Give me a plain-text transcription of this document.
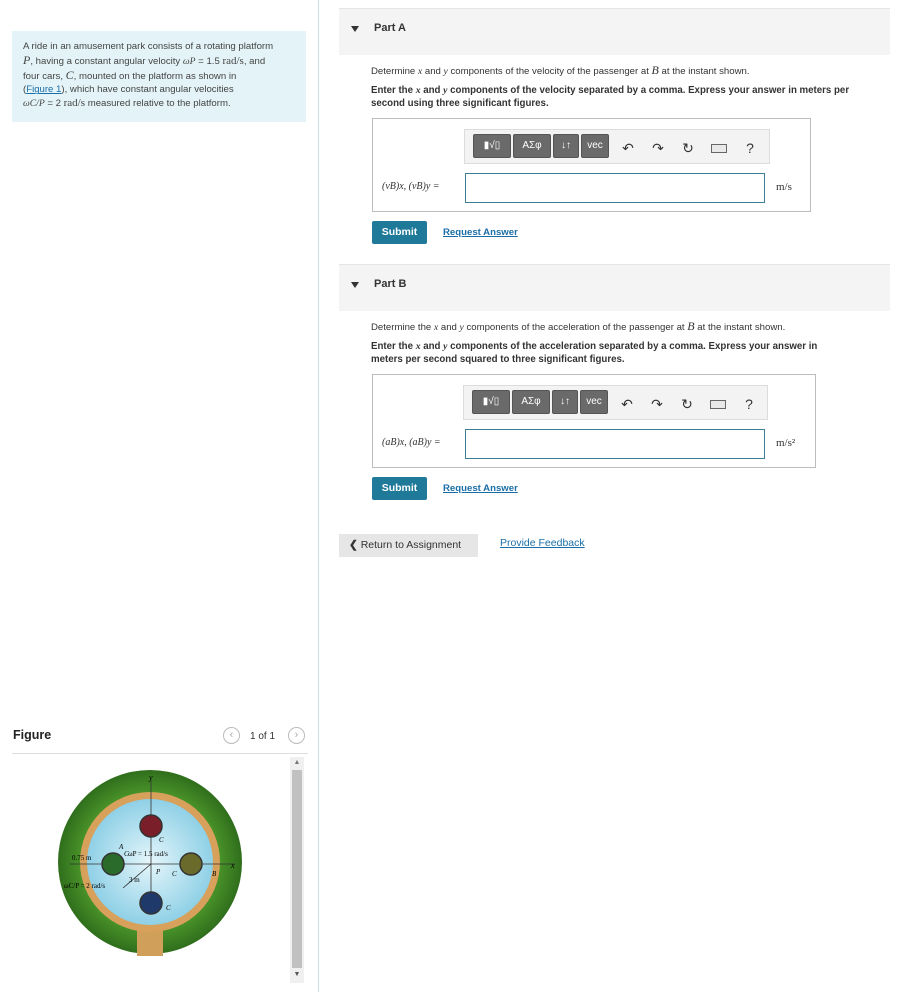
A ride in an amusement park consists of a rotating platform
P, having a constant angular velocity ωP = 1.5 rad/s, and
four cars, C, mounted on the platform as shown in
(Figure 1), which have constant angular velocities
ωC/P = 2 rad/s measured relative to the platform.
Figure	‹	1 of 1	›
y
x
A
B
C
C
C
C
P
0.75 m
3 m
ωP = 1.5 rad/s
ωC/P = 2 rad/s
▲
▼
Part A
Determine x and y components of the velocity of the passenger at B at the instant shown.
Enter the x and y components of the velocity separated by a comma. Express your answer in meters per
second using three significant figures.
▮√▯	ΑΣφ	↓↑	vec	↶ ↷ ↻	?
(vB)x, (vB)y =	m/s
Submit	Request Answer
Part B
Determine the x and y components of the acceleration of the passenger at B at the instant shown.
Enter the x and y components of the acceleration separated by a comma. Express your answer in
meters per second squared to three significant figures.
▮√▯	ΑΣφ	↓↑	vec	↶ ↷ ↻	?
(aB)x, (aB)y =	m/s²
Submit	Request Answer
❮ Return to Assignment	Provide Feedback
